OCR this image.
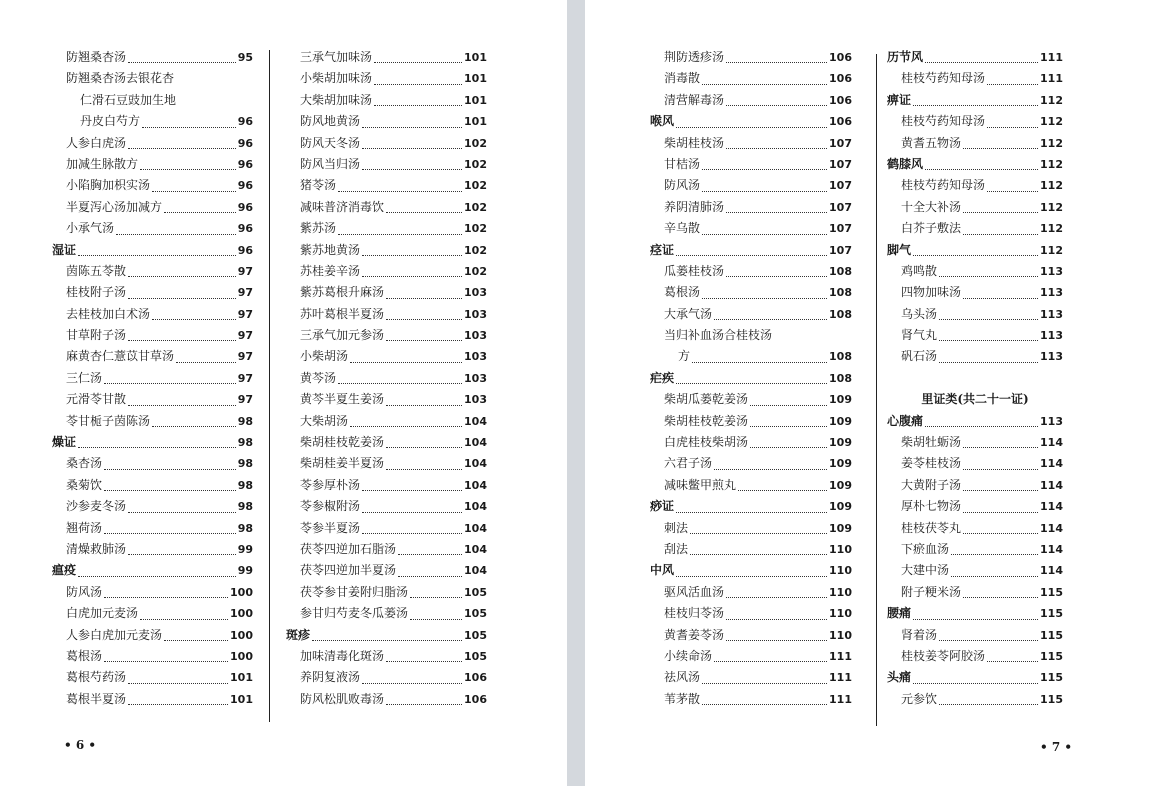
防翘桑杏汤	95
防翘桑杏汤去银花杏
仁滑石豆豉加生地
丹皮白芍方	96
人参白虎汤	96
加减生脉散方	96
小陷胸加枳实汤	96
半夏泻心汤加减方	96
小承气汤	96
湿证	96
茵陈五苓散	97
桂枝附子汤	97
去桂枝加白术汤	97
甘草附子汤	97
麻黄杏仁薏苡甘草汤	97
三仁汤	97
元滑苓甘散	97
苓甘栀子茵陈汤	98
燥证	98
桑杏汤	98
桑菊饮	98
沙参麦冬汤	98
翘荷汤	98
清燥救肺汤	99
瘟疫	99
防风汤	100
白虎加元麦汤	100
人参白虎加元麦汤	100
葛根汤	100
葛根芍药汤	101
葛根半夏汤	101
三承气加味汤	101
小柴胡加味汤	101
大柴胡加味汤	101
防风地黄汤	101
防风天冬汤	102
防风当归汤	102
猪苓汤	102
减味普济消毒饮	102
紫苏汤	102
紫苏地黄汤	102
苏桂姜辛汤	102
紫苏葛根升麻汤	103
苏叶葛根半夏汤	103
三承气加元参汤	103
小柴胡汤	103
黄芩汤	103
黄芩半夏生姜汤	103
大柴胡汤	104
柴胡桂枝乾姜汤	104
柴胡桂姜半夏汤	104
苓参厚朴汤	104
苓参椒附汤	104
苓参半夏汤	104
茯苓四逆加石脂汤	104
茯苓四逆加半夏汤	104
茯苓参甘姜附归脂汤	105
参甘归芍麦冬瓜蒌汤	105
斑疹	105
加味清毒化斑汤	105
养阴复液汤	106
防风松肌败毒汤	106
• 6 •
荆防透疹汤	106
消毒散	106
清营解毒汤	106
喉风	106
柴胡桂枝汤	107
甘桔汤	107
防风汤	107
养阴清肺汤	107
辛乌散	107
痉证	107
瓜蒌桂枝汤	108
葛根汤	108
大承气汤	108
当归补血汤合桂枝汤
方	108
疟疾	108
柴胡瓜蒌乾姜汤	109
柴胡桂枝乾姜汤	109
白虎桂枝柴胡汤	109
六君子汤	109
减味鳖甲煎丸	109
痧证	109
刺法	109
刮法	110
中风	110
驱风活血汤	110
桂枝归苓汤	110
黄耆姜苓汤	110
小续命汤	111
祛风汤	111
苇茅散	111
历节风	111
桂枝芍药知母汤	111
痹证	112
桂枝芍药知母汤	112
黄耆五物汤	112
鹤膝风	112
桂枝芍药知母汤	112
十全大补汤	112
白芥子敷法	112
脚气	112
鸡鸣散	113
四物加味汤	113
乌头汤	113
肾气丸	113
矾石汤	113
里证类(共二十一证)
心腹痛	113
柴胡牡蛎汤	114
姜苓桂枝汤	114
大黄附子汤	114
厚朴七物汤	114
桂枝茯苓丸	114
下瘀血汤	114
大建中汤	114
附子粳米汤	115
腰痛	115
肾着汤	115
桂枝姜苓阿胶汤	115
头痛	115
元参饮	115
• 7 •
